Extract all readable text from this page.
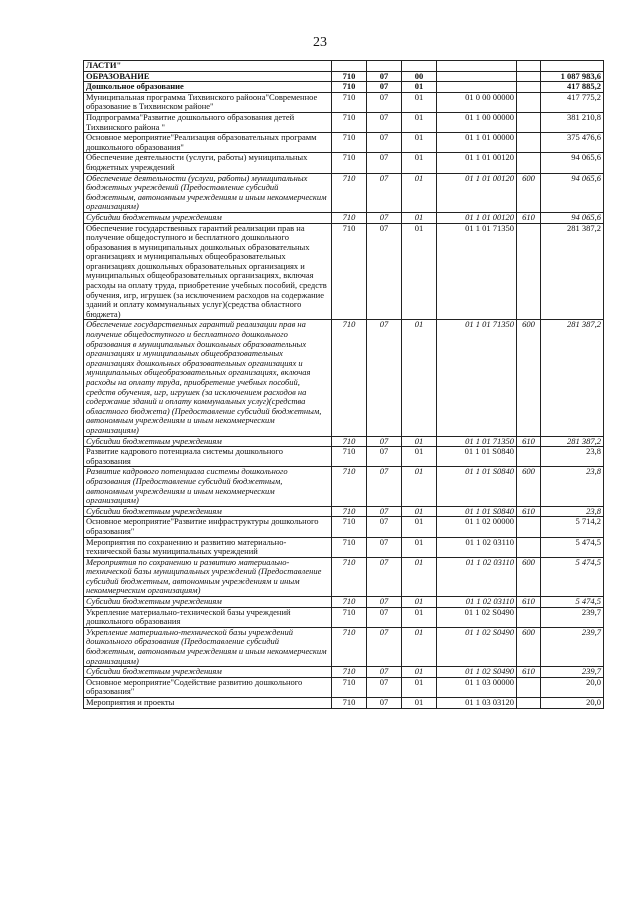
23
ЛАСТИ"						
ОБРАЗОВАНИЕ	710	07	00			1 087 983,6
Дошкольное образование	710	07	01			417 885,2
Муниципальная программа Тихвинского райоона"Современное образование в Тихвинском районе"	710	07	01	01 0 00 00000		417 775,2
Подпрограмма"Развитие дошкольного образования детей Тихвинского района "	710	07	01	01 1 00 00000		381 210,8
Основное мероприятие"Реализация образовательных программ дошкольного образования"	710	07	01	01 1 01 00000		375 476,6
Обеспечение деятельности (услуги, работы) муниципальных бюджетных учреждений	710	07	01	01 1 01 00120		94 065,6
Обеспечение деятельности (услуги, работы) муниципальных бюджетных учреждений (Предоставление субсидий бюджетным, автономным учреждениям и иным некоммерческим организациям)	710	07	01	01 1 01 00120	600	94 065,6
Субсидии бюджетным учреждениям	710	07	01	01 1 01 00120	610	94 065,6
Обеспечение государственных гарантий реализации прав на получение общедоступного и бесплатного дошкольного образования в муниципальных дошкольных образовательных организациях и муниципальных общеобразовательных организациях дошкольных образовательных организациях и муниципальных общеобразовательных организациях, включая расходы на оплату труда, приобретение учебных пособий, средств обучения, игр, игрушек (за исключением расходов на содержание зданий и оплату коммунальных услуг)(средства областного бюджета)	710	07	01	01 1 01 71350		281 387,2
Обеспечение государственных гарантий реализации прав на получение общедоступного и бесплатного дошкольного образования в муниципальных дошкольных образовательных организациях и муниципальных общеобразовательных организациях дошкольных образовательных организациях и муниципальных общеобразовательных организациях, включая расходы на оплату труда, приобретение учебных пособий, средств обучения, игр, игрушек (за исключением расходов на содержание зданий и оплату коммунальных услуг)(средства областного бюджета) (Предоставление субсидий бюджетным, автономным учреждениям и иным некоммерческим организациям)	710	07	01	01 1 01 71350	600	281 387,2
Субсидии бюджетным учреждениям	710	07	01	01 1 01 71350	610	281 387,2
Развитие кадрового потенциала системы дошкольного образования	710	07	01	01 1 01 S0840		23,8
Развитие кадрового потенциала системы дошкольного образования (Предоставление субсидий бюджетным, автономным учреждениям и иным некоммерческим организациям)	710	07	01	01 1 01 S0840	600	23,8
Субсидии бюджетным учреждениям	710	07	01	01 1 01 S0840	610	23,8
Основное мероприятие"Развитие инфраструктуры дошкольного образования"	710	07	01	01 1 02 00000		5 714,2
Мероприятия по сохранению и развитию материально-технической базы муниципальных учреждений	710	07	01	01 1 02 03110		5 474,5
Мероприятия по сохранению и развитию материально-технической базы муниципальных учреждений (Предоставление субсидий бюджетным, автономным учреждениям и иным некоммерческим организациям)	710	07	01	01 1 02 03110	600	5 474,5
Субсидии бюджетным учреждениям	710	07	01	01 1 02 03110	610	5 474,5
Укрепление материально-технической базы учреждений дошкольного образования	710	07	01	01 1 02 S0490		239,7
Укрепление материально-технической базы учреждений дошкольного образования (Предоставление субсидий бюджетным, автономным учреждениям и иным некоммерческим организациям)	710	07	01	01 1 02 S0490	600	239,7
Субсидии бюджетным учреждениям	710	07	01	01 1 02 S0490	610	239,7
Основное мероприятие"Содействие развитию дошкольного образования"	710	07	01	01 1 03 00000		20,0
Мероприятия и проекты	710	07	01	01 1 03 03120		20,0
